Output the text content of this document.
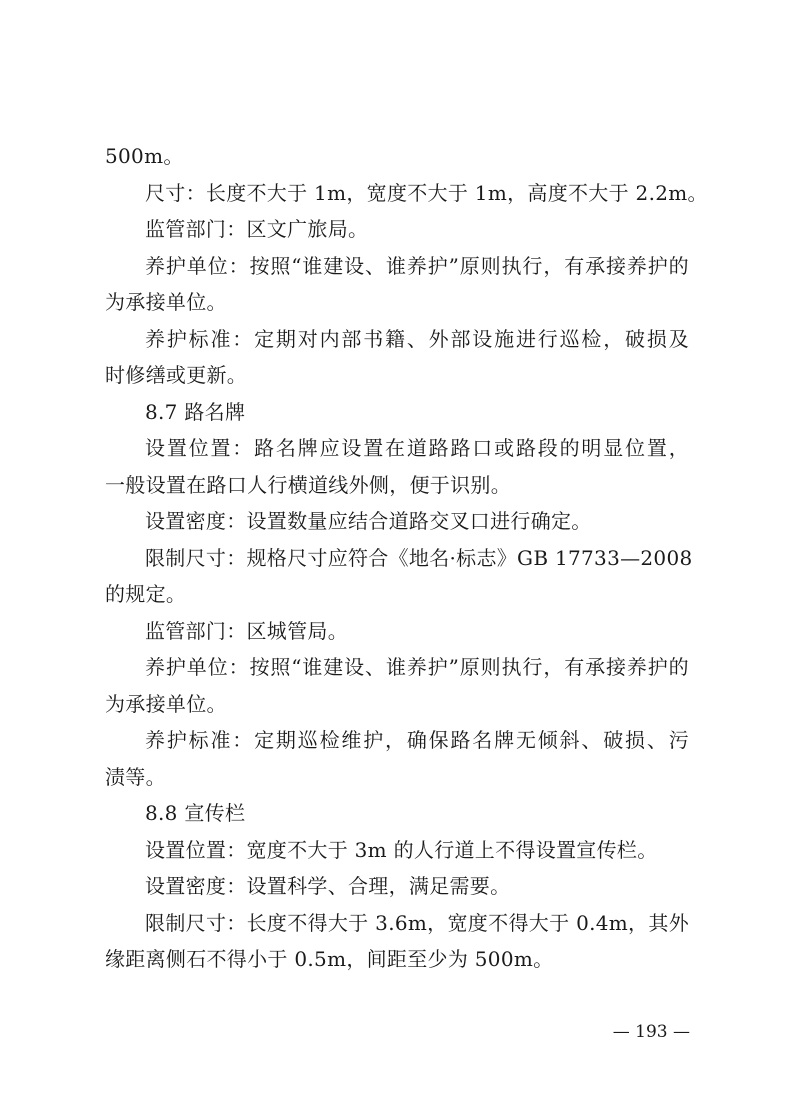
500m。
尺寸：长度不大于 1m，宽度不大于 1m，高度不大于 2.2m。
监管部门：区文广旅局。
养护单位：按照“谁建设、谁养护”原则执行，有承接养护的
为承接单位。
养护标准：定期对内部书籍、外部设施进行巡检，破损及
时修缮或更新。
8.7 路名牌
设置位置：路名牌应设置在道路路口或路段的明显位置，
一般设置在路口人行横道线外侧，便于识别。
设置密度：设置数量应结合道路交叉口进行确定。
限制尺寸：规格尺寸应符合《地名·标志》GB 17733—2008
的规定。
监管部门：区城管局。
养护单位：按照“谁建设、谁养护”原则执行，有承接养护的
为承接单位。
养护标准：定期巡检维护，确保路名牌无倾斜、破损、污
渍等。
8.8 宣传栏
设置位置：宽度不大于 3m 的人行道上不得设置宣传栏。
设置密度：设置科学、合理，满足需要。
限制尺寸：长度不得大于 3.6m，宽度不得大于 0.4m，其外
缘距离侧石不得小于 0.5m，间距至少为 500m。
— 193 —
